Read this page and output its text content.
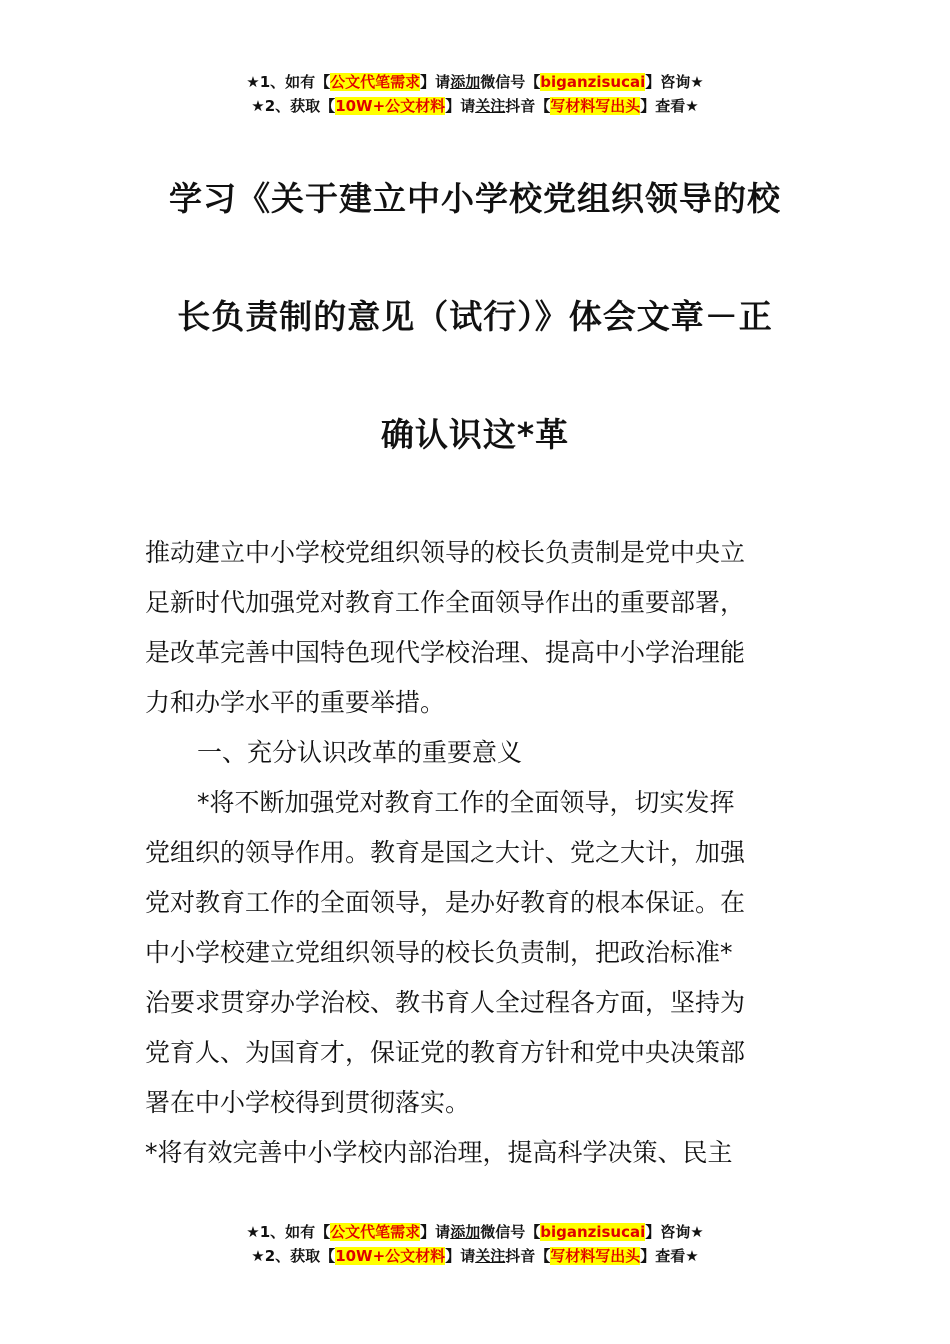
★1、如有【公文代笔需求】请添加微信号【biganzisucai】咨询★
★2、获取【10W+公文材料】请关注抖音【写材料写出头】查看★
学习《关于建立中小学校党组织领导的校
长负责制的意见（试行）》体会文章－正
确认识这*革

推动建立中小学校党组织领导的校长负责制是党中央立

足新时代加强党对教育工作全面领导作出的重要部署，

是改革完善中国特色现代学校治理、提高中小学治理能

力和办学水平的重要举措。

一、充分认识改革的重要意义

*将不断加强党对教育工作的全面领导，切实发挥

党组织的领导作用。教育是国之大计、党之大计，加强

党对教育工作的全面领导，是办好教育的根本保证。在

中小学校建立党组织领导的校长负责制，把政治标准*

治要求贯穿办学治校、教书育人全过程各方面，坚持为

党育人、为国育才，保证党的教育方针和党中央决策部

署在中小学校得到贯彻落实。

*将有效完善中小学校内部治理，提高科学决策、民主

★1、如有【公文代笔需求】请添加微信号【biganzisucai】咨询★
★2、获取【10W+公文材料】请关注抖音【写材料写出头】查看★
